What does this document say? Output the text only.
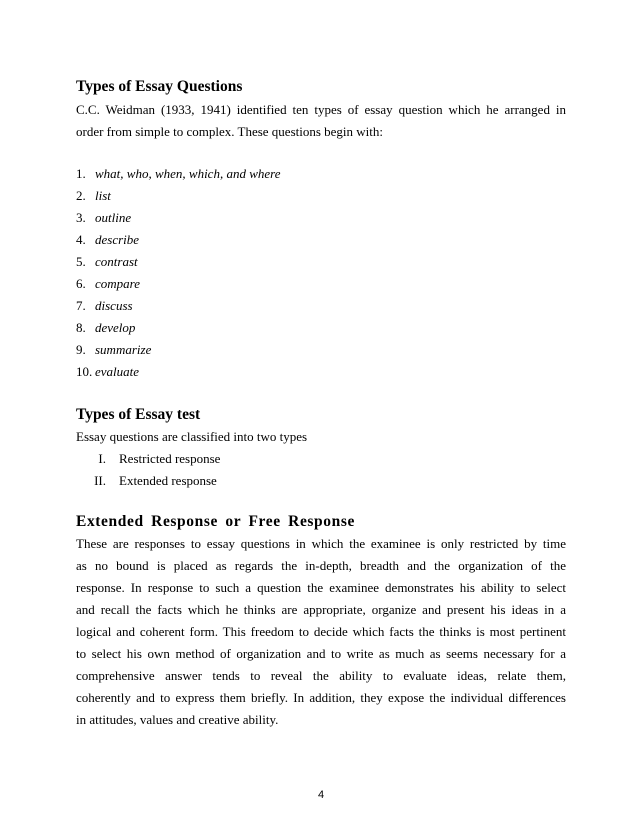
Types of Essay Questions
C.C. Weidman (1933, 1941) identified ten types of essay question which he arranged in
order from simple to complex. These questions begin with:
1. what, who, when, which, and where
2. list
3. outline
4. describe
5. contrast
6. compare
7. discuss
8. develop
9. summarize
10. evaluate
Types of Essay test
Essay questions are classified into two types
I. Restricted response
II. Extended response
Extended Response or Free Response
These are responses to essay questions in which the examinee is only restricted by time
as no bound is placed as regards the in-depth, breadth and the organization of the
response. In response to such a question the examinee demonstrates his ability to select
and recall the facts which he thinks are appropriate, organize and present his ideas in a
logical and coherent form. This freedom to decide which facts the thinks is most pertinent
to select his own method of organization and to write as much as seems necessary for a
comprehensive answer tends to reveal the ability to evaluate ideas, relate them,
coherently and to express them briefly. In addition, they expose the individual differences
in attitudes, values and creative ability.
4
